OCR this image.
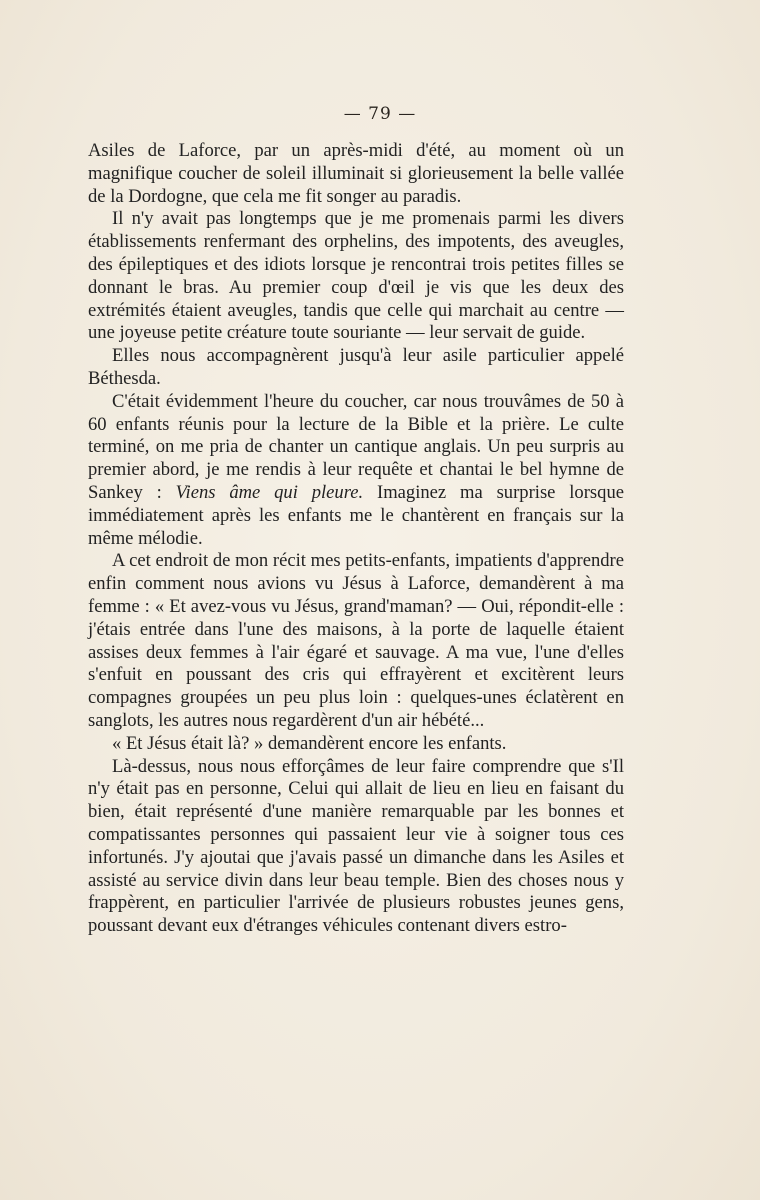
— 79 —

Asiles de Laforce, par un après-midi d'été, au moment où un magnifique coucher de soleil illuminait si glorieusement la belle vallée de la Dordogne, que cela me fit songer au paradis.

Il n'y avait pas longtemps que je me promenais parmi les divers établissements renfermant des orphelins, des impotents, des aveugles, des épileptiques et des idiots lorsque je rencontrai trois petites filles se donnant le bras. Au premier coup d'œil je vis que les deux des extrémités étaient aveugles, tandis que celle qui marchait au centre — une joyeuse petite créature toute souriante — leur servait de guide.

Elles nous accompagnèrent jusqu'à leur asile particulier appelé Béthesda.

C'était évidemment l'heure du coucher, car nous trouvâmes de 50 à 60 enfants réunis pour la lecture de la Bible et la prière. Le culte terminé, on me pria de chanter un cantique anglais. Un peu surpris au premier abord, je me rendis à leur requête et chantai le bel hymne de Sankey : Viens âme qui pleure. Imaginez ma surprise lorsque immédiatement après les enfants me le chantèrent en français sur la même mélodie.

A cet endroit de mon récit mes petits-enfants, impatients d'apprendre enfin comment nous avions vu Jésus à Laforce, demandèrent à ma femme : « Et avez-vous vu Jésus, grand'maman? — Oui, répondit-elle : j'étais entrée dans l'une des maisons, à la porte de laquelle étaient assises deux femmes à l'air égaré et sauvage. A ma vue, l'une d'elles s'enfuit en poussant des cris qui effrayèrent et excitèrent leurs compagnes groupées un peu plus loin : quelques-unes éclatèrent en sanglots, les autres nous regardèrent d'un air hébété...

« Et Jésus était là? » demandèrent encore les enfants.

Là-dessus, nous nous efforçâmes de leur faire comprendre que s'Il n'y était pas en personne, Celui qui allait de lieu en lieu en faisant du bien, était représenté d'une manière remarquable par les bonnes et compatissantes personnes qui passaient leur vie à soigner tous ces infortunés. J'y ajoutai que j'avais passé un dimanche dans les Asiles et assisté au service divin dans leur beau temple. Bien des choses nous y frappèrent, en particulier l'arrivée de plusieurs robustes jeunes gens, poussant devant eux d'étranges véhicules contenant divers estro-
